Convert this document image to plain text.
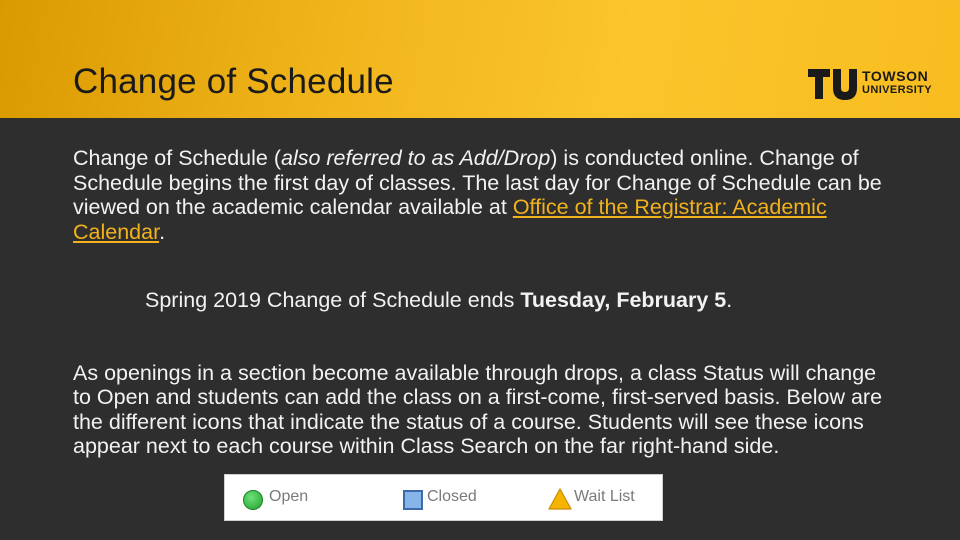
Change of Schedule	TOWSON
UNIVERSITY

Change of Schedule (also referred to as Add/Drop) is conducted online. Change of Schedule begins the first day of classes. The last day for Change of Schedule can be viewed on the academic calendar available at Office of the Registrar: Academic Calendar.

Spring 2019 Change of Schedule ends Tuesday, February 5.

As openings in a section become available through drops, a class Status will change to Open and students can add the class on a first-come, first-served basis. Below are the different icons that indicate the status of a course. Students will see these icons appear next to each course within Class Search on the far right-hand side.

Open	Closed	Wait List
